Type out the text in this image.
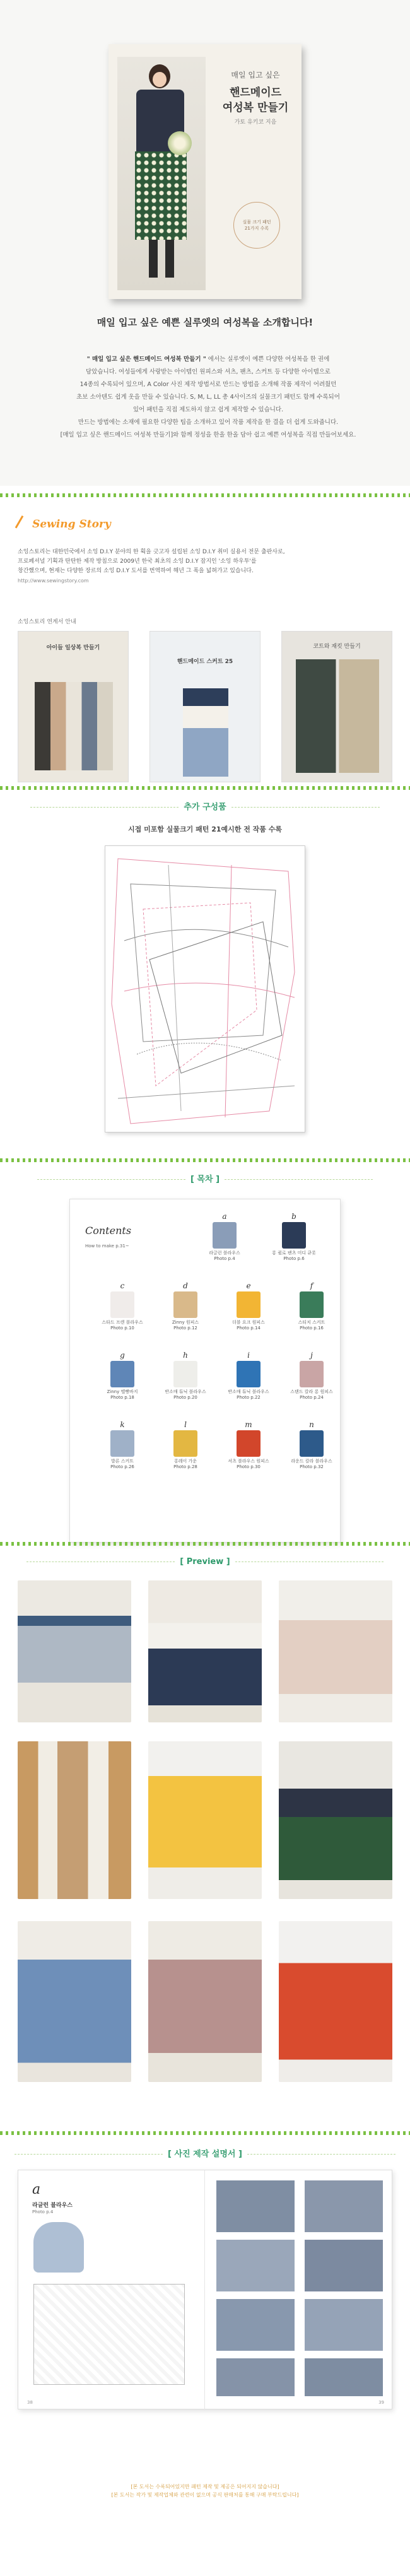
매일 입고 싶은
핸드메이드
여성복 만들기
가토 유키코 지음
실물 크기 패턴 21가지 수록
매일 입고 싶은 예쁜 실루엣의 여성복을 소개합니다!
" 매일 입고 싶은 핸드메이드 여성복 만들기 " 에서는 실루엣이 예쁜 다양한 여성복을 한 권에
담았습니다. 여성들에게 사랑받는 아이템인 원피스와 셔츠, 팬츠, 스커트 등 다양한 아이템으로
14종의 수록되어 있으며, A Color 사진 제작 방법서로 만드는 방법을 소개해 작품 제작이 어려웠던
초보 소아텐도 쉽게 옷을 만들 수 있습니다. S, M, L, LL 총 4사이즈의 실물크기 패턴도 함께 수록되어
있어 패턴을 직접 제도하지 않고 쉽게 제작할 수 있습니다.
만드는 방법에는 소재에 필요한 다양한 팁을 소개하고 있어 작품 제작을 한 결을 더 쉽게 도와줍니다.
[매일 입고 싶은 핸드메이드 여성복 만들기]와 함께 정성을 한올 한올 담아 쉽고 예쁜 여성복을 직접 만들어보세요.
Sewing Story
소잉스토리는 대한민국에서 소잉 D.I.Y 분야의 한 획을 긋고자 설립된 소잉 D.I.Y 취미 실용서 전문 출판사로,
프로페셔널 기획과 탄탄한 제작 방침으로 2009년 한국 최초의 소잉 D.I.Y 잡지인 '소잉 하우투'를
창간했으며, 현재는 다양한 장르의 소잉 D.I.Y 도서를 번역하여 해년 그 폭을 넓혀가고 있습니다.
http://www.sewingstory.com
소잉스토리 연계서 안내
아이들 일상복 만들기
핸드메이드 스커트 25
코트와 재킷 만들기
추가 구성품
시접 미포함 실물크기 패턴 21예시한 전 작품 수록
[ 목차 ]
Contents
How to make p.31~
a
라글런 블라우스
Photo p.4
b
롱 퀼로 팬츠 미디 큐롯
Photo p.6
c
스타드 프렌 블라우스
Photo p.10
d
Zinny 원피스
Photo p.12
e
더블 요크 원피스
Photo p.14
f
스티치 스커트
Photo p.16
g
Zinny 멜빵바지
Photo p.18
h
반소매 튜닉 블라우스
Photo p.20
i
반소매 튜닉 블라우스
Photo p.22
j
스탠드 칼라 롱 원피스
Photo p.24
k
발론 스커트
Photo p.26
l
롱레이 가운
Photo p.28
m
셔츠 블라우스 원피스
Photo p.30
n
라운드 칼라 블라우스
Photo p.32
[ Preview ]
[ 사진 제작 설명서 ]
a
라글런 블라우스
Photo p.4
38	39
[본 도서는 수록되어있지만 패턴 제작 및 제공은 되어지지 않습니다]
[본 도서는 작가 및 제작업체와 관련이 없으며 공식 판매처를 통해 구매 부탁드립니다]
